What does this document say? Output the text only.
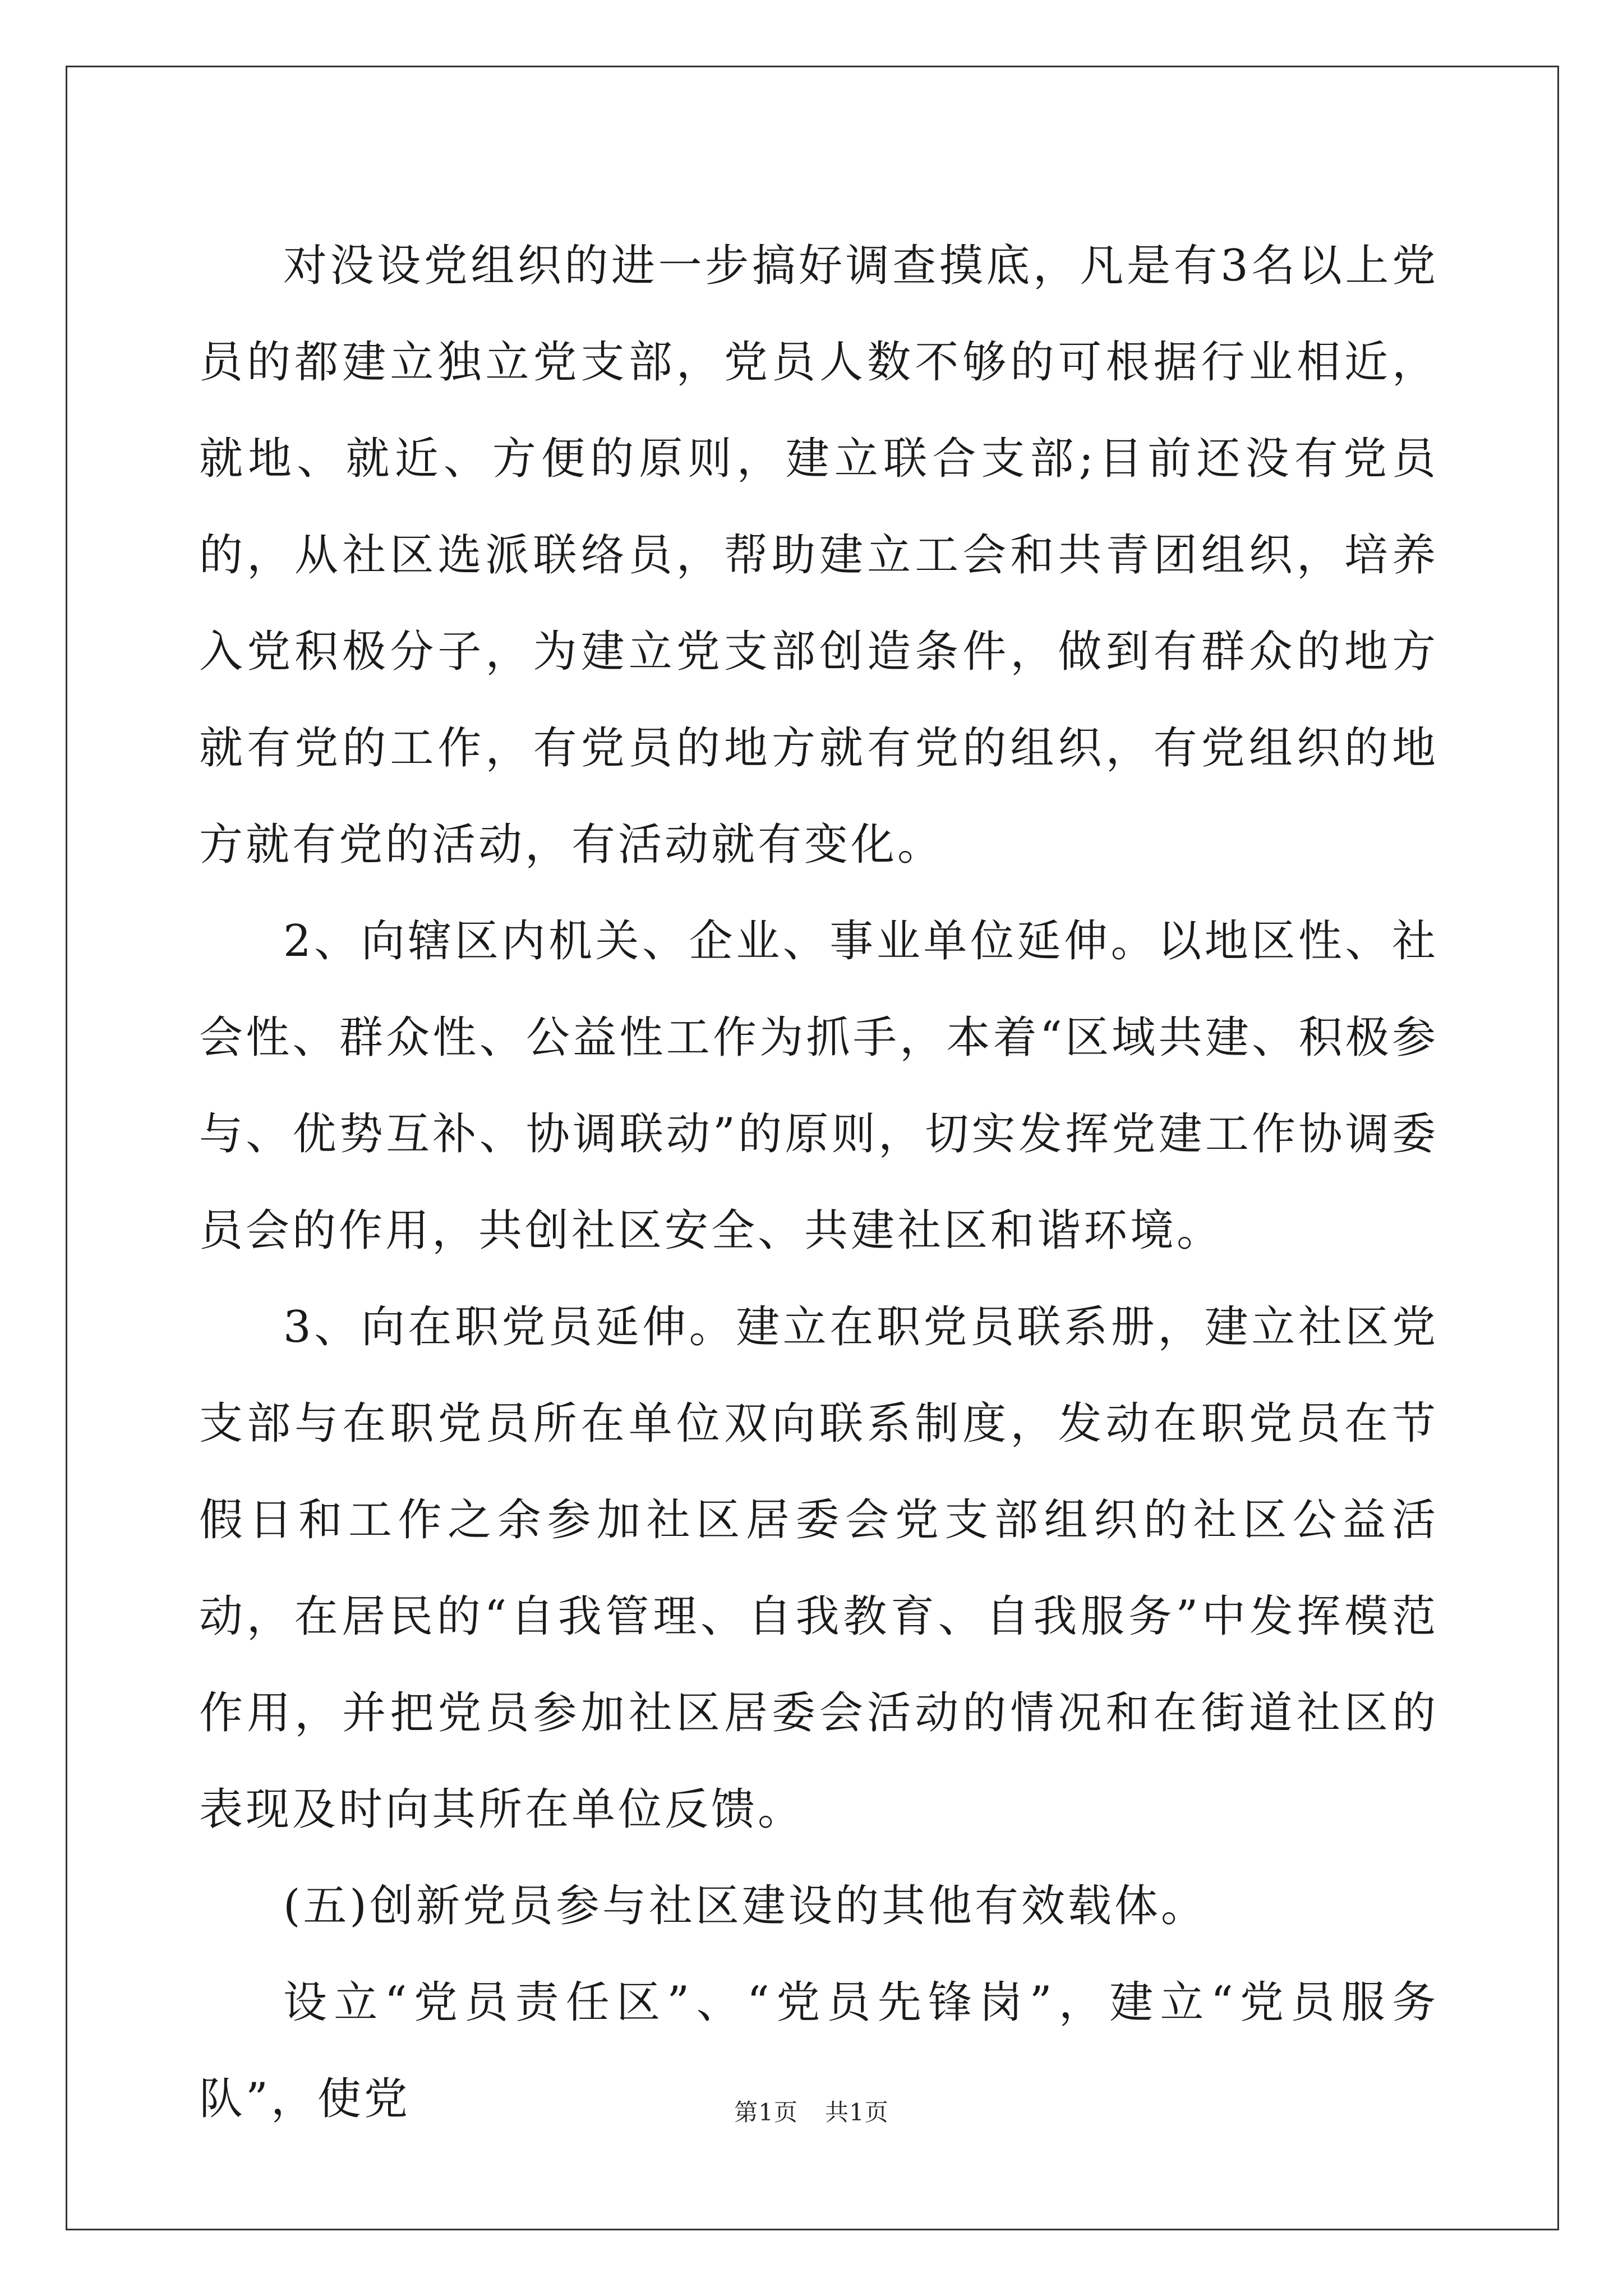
对没设党组织的进一步搞好调查摸底，凡是有3名以上党员的都建立独立党支部，党员人数不够的可根据行业相近，就地、就近、方便的原则，建立联合支部;目前还没有党员的，从社区选派联络员，帮助建立工会和共青团组织，培养入党积极分子，为建立党支部创造条件，做到有群众的地方就有党的工作，有党员的地方就有党的组织，有党组织的地方就有党的活动，有活动就有变化。

2、向辖区内机关、企业、事业单位延伸。以地区性、社会性、群众性、公益性工作为抓手，本着“区域共建、积极参与、优势互补、协调联动”的原则，切实发挥党建工作协调委员会的作用，共创社区安全、共建社区和谐环境。

3、向在职党员延伸。建立在职党员联系册，建立社区党支部与在职党员所在单位双向联系制度，发动在职党员在节假日和工作之余参加社区居委会党支部组织的社区公益活动，在居民的“自我管理、自我教育、自我服务”中发挥模范作用，并把党员参加社区居委会活动的情况和在街道社区的表现及时向其所在单位反馈。

(五)创新党员参与社区建设的其他有效载体。

设立“党员责任区”、“党员先锋岗”，建立“党员服务队”，使党	第1页 共1页
